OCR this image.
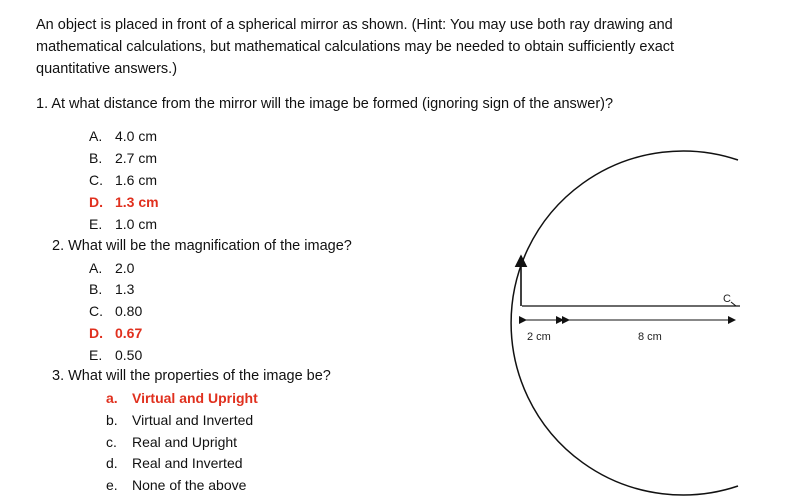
An object is placed in front of a spherical mirror as shown. (Hint: You may use both ray drawing and
mathematical calculations, but mathematical calculations may be needed to obtain sufficiently exact
quantitative answers.)
1. At what distance from the mirror will the image be formed (ignoring sign of the answer)?
A. 4.0 cm
B. 2.7 cm
C. 1.6 cm
D. 1.3 cm
E. 1.0 cm
2. What will be the magnification of the image?
A. 2.0
B. 1.3
C. 0.80
D. 0.67
E. 0.50
3. What will the properties of the image be?
a. Virtual and Upright
b. Virtual and Inverted
c. Real and Upright
d. Real and Inverted
e. None of the above
2 cm	8 cm
C
